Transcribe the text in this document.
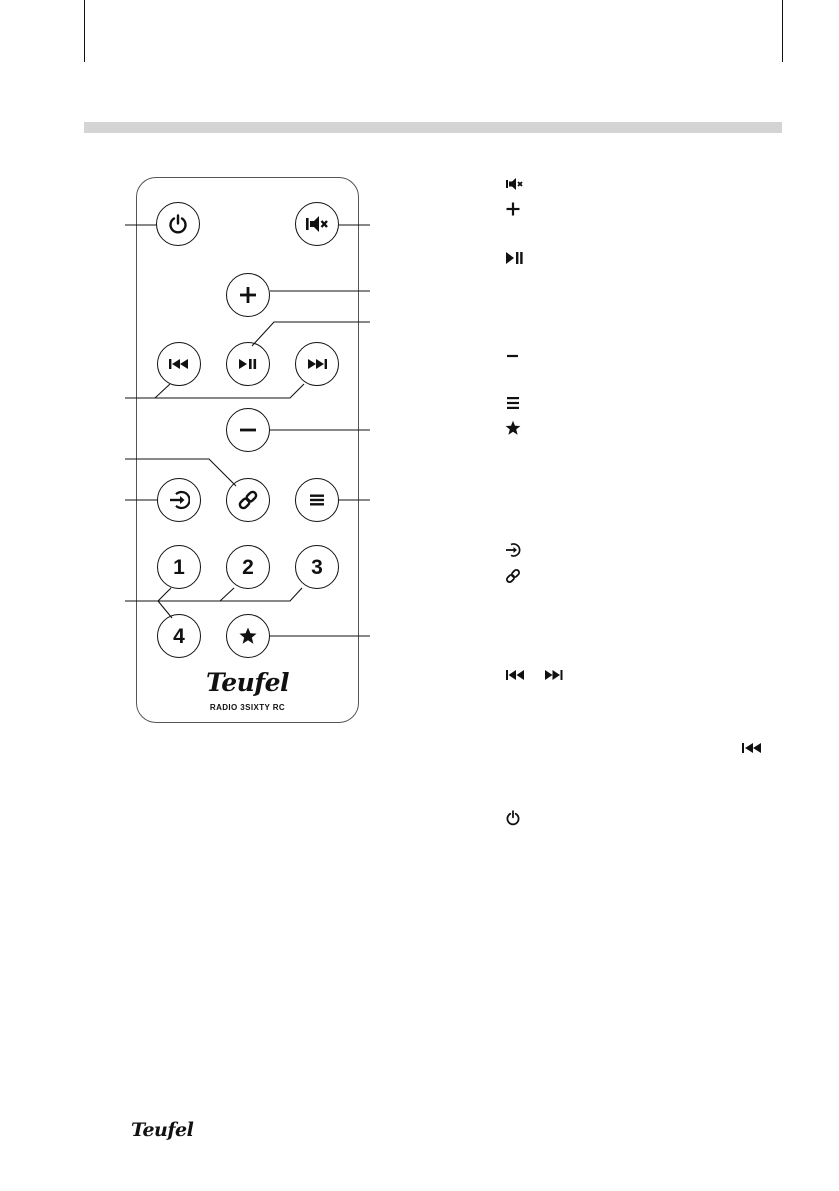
1	2	3
4
Teufel
RADIO 3SIXTY RC
Teufel
